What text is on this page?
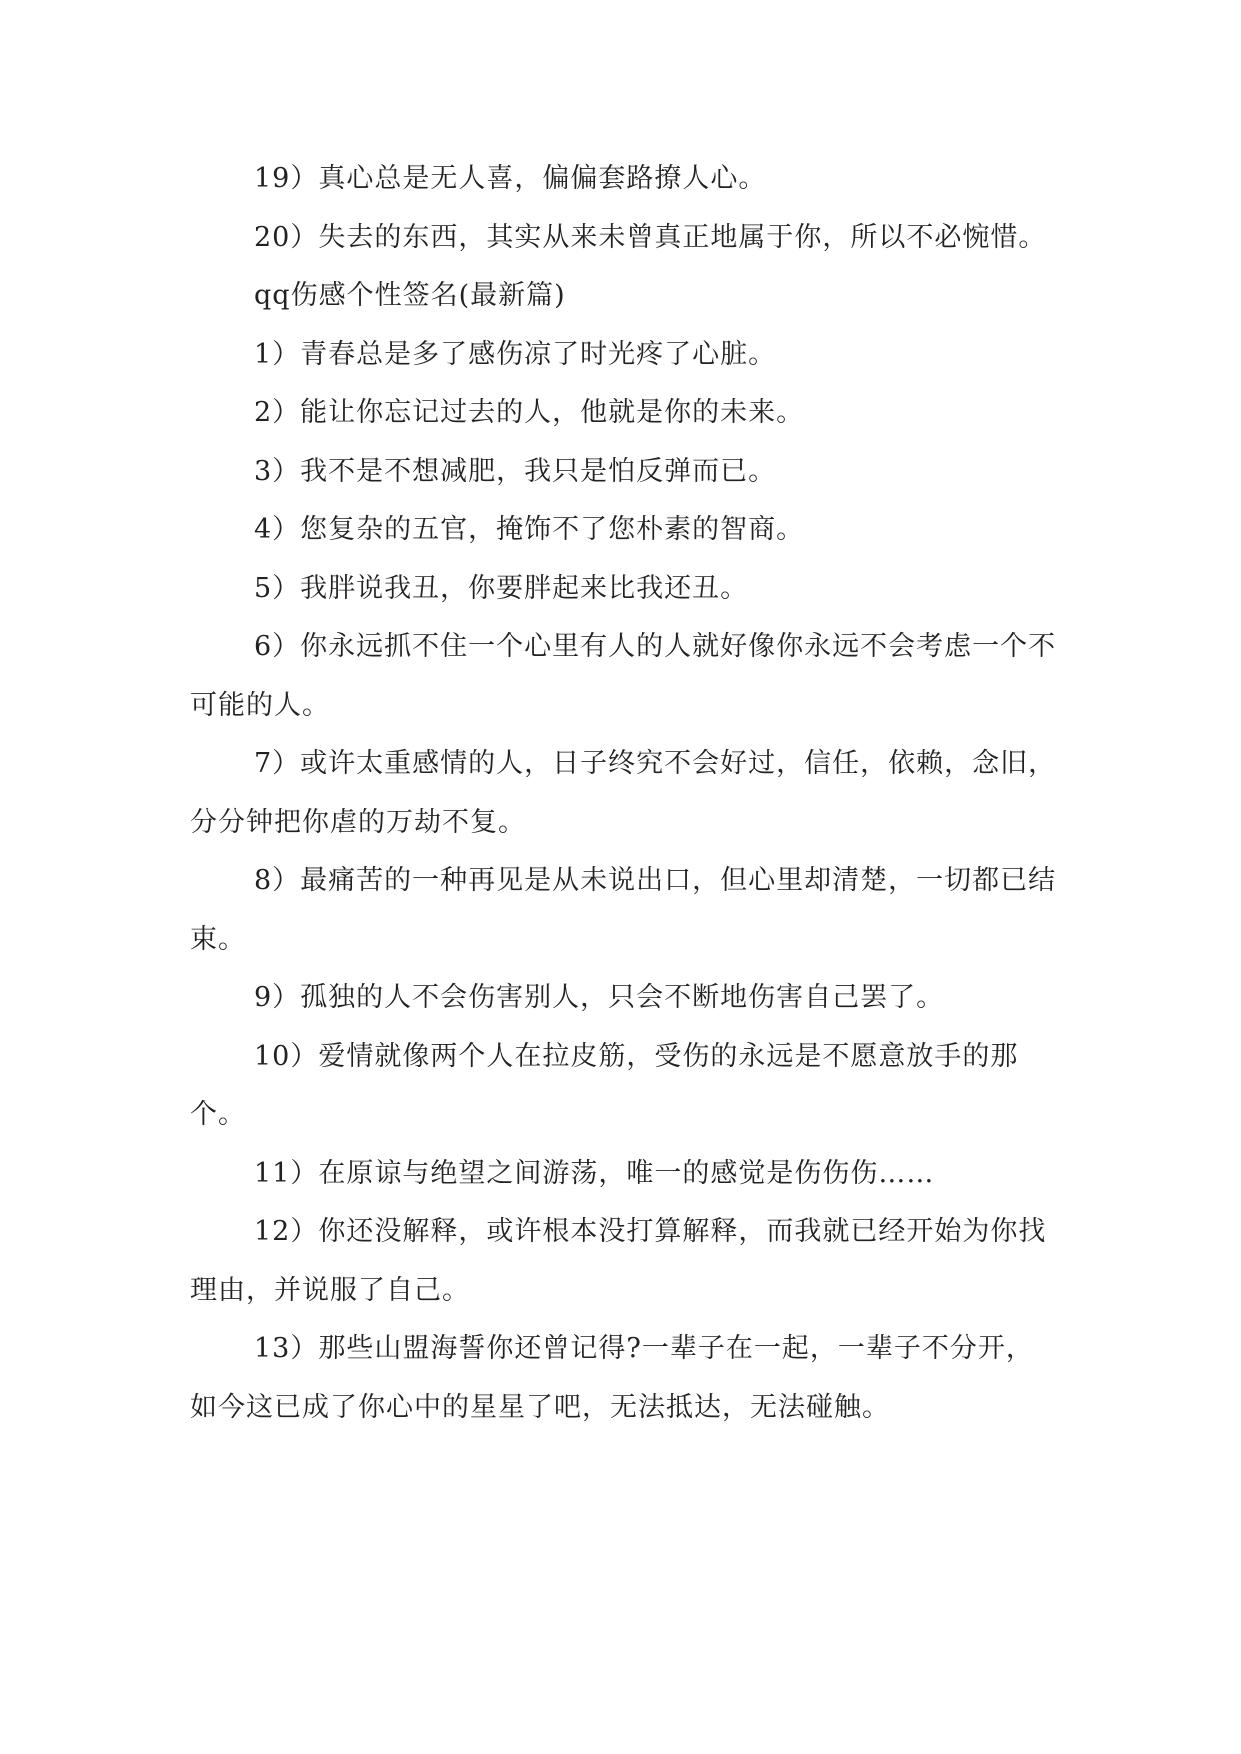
19）真心总是无人喜，偏偏套路撩人心。

20）失去的东西，其实从来未曾真正地属于你，所以不必惋惜。

qq伤感个性签名(最新篇)

1）青春总是多了感伤凉了时光疼了心脏。

2）能让你忘记过去的人，他就是你的未来。

3）我不是不想减肥，我只是怕反弹而已。

4）您复杂的五官，掩饰不了您朴素的智商。

5）我胖说我丑，你要胖起来比我还丑。

6）你永远抓不住一个心里有人的人就好像你永远不会考虑一个不可能的人。

7）或许太重感情的人，日子终究不会好过，信任，依赖，念旧，分分钟把你虐的万劫不复。

8）最痛苦的一种再见是从未说出口，但心里却清楚，一切都已结束。

9）孤独的人不会伤害别人，只会不断地伤害自己罢了。

10）爱情就像两个人在拉皮筋，受伤的永远是不愿意放手的那个。

11）在原谅与绝望之间游荡，唯一的感觉是伤伤伤……

12）你还没解释，或许根本没打算解释，而我就已经开始为你找理由，并说服了自己。

13）那些山盟海誓你还曾记得?一辈子在一起，一辈子不分开，如今这已成了你心中的星星了吧，无法抵达，无法碰触。
